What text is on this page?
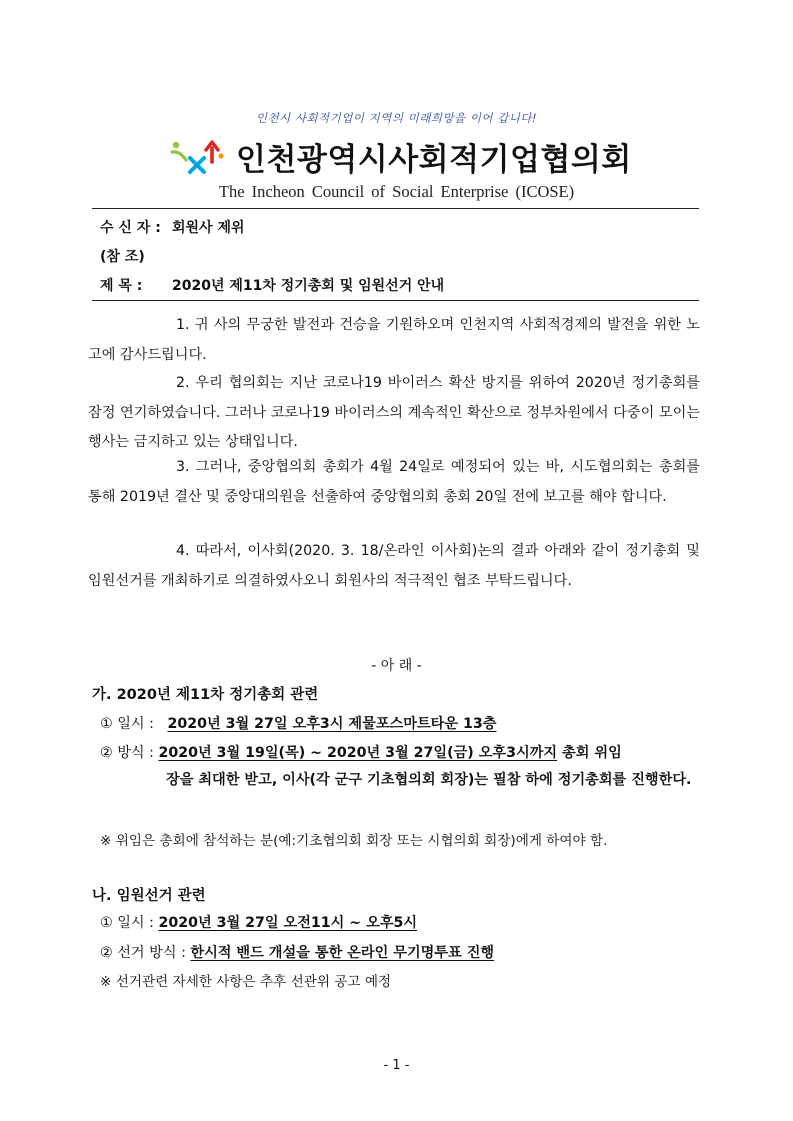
인천시 사회적기업이 지역의 미래희망을 이어 갑니다!
인천광역시사회적기업협의회
The Incheon Council of Social Enterprise (ICOSE)
수 신 자 : 회원사 제위
(참 조)
제 목 : 2020년 제11차 정기총회 및 임원선거 안내
1. 귀 사의 무궁한 발전과 건승을 기원하오며 인천지역 사회적경제의 발전을 위한 노고에 감사드립니다.
2. 우리 협의회는 지난 코로나19 바이러스 확산 방지를 위하여 2020년 정기총회를 잠정 연기하였습니다. 그러나 코로나19 바이러스의 계속적인 확산으로 정부차원에서 다중이 모이는 행사는 금지하고 있는 상태입니다.
3. 그러나, 중앙협의회 총회가 4월 24일로 예정되어 있는 바, 시도협의회는 총회를 통해 2019년 결산 및 중앙대의원을 선출하여 중앙협의회 총회 20일 전에 보고를 해야 합니다.
4. 따라서, 이사회(2020. 3. 18/온라인 이사회)논의 결과 아래와 같이 정기총회 및 임원선거를 개최하기로 의결하였사오니 회원사의 적극적인 협조 부탁드립니다.
- 아 래 -
가. 2020년 제11차 정기총회 관련
① 일시 : 2020년 3월 27일 오후3시 제물포스마트타운 13층
② 방식 : 2020년 3월 19일(목) ~ 2020년 3월 27일(금) 오후3시까지 총회 위임
장을 최대한 받고, 이사(각 군구 기초협의회 회장)는 필참 하에 정기총회를 진행한다.
※ 위임은 총회에 참석하는 분(예:기초협의회 회장 또는 시협의회 회장)에게 하여야 함.
나. 임원선거 관련
① 일시 : 2020년 3월 27일 오전11시 ~ 오후5시
② 선거 방식 : 한시적 밴드 개설을 통한 온라인 무기명투표 진행
※ 선거관련 자세한 사항은 추후 선관위 공고 예정
- 1 -
